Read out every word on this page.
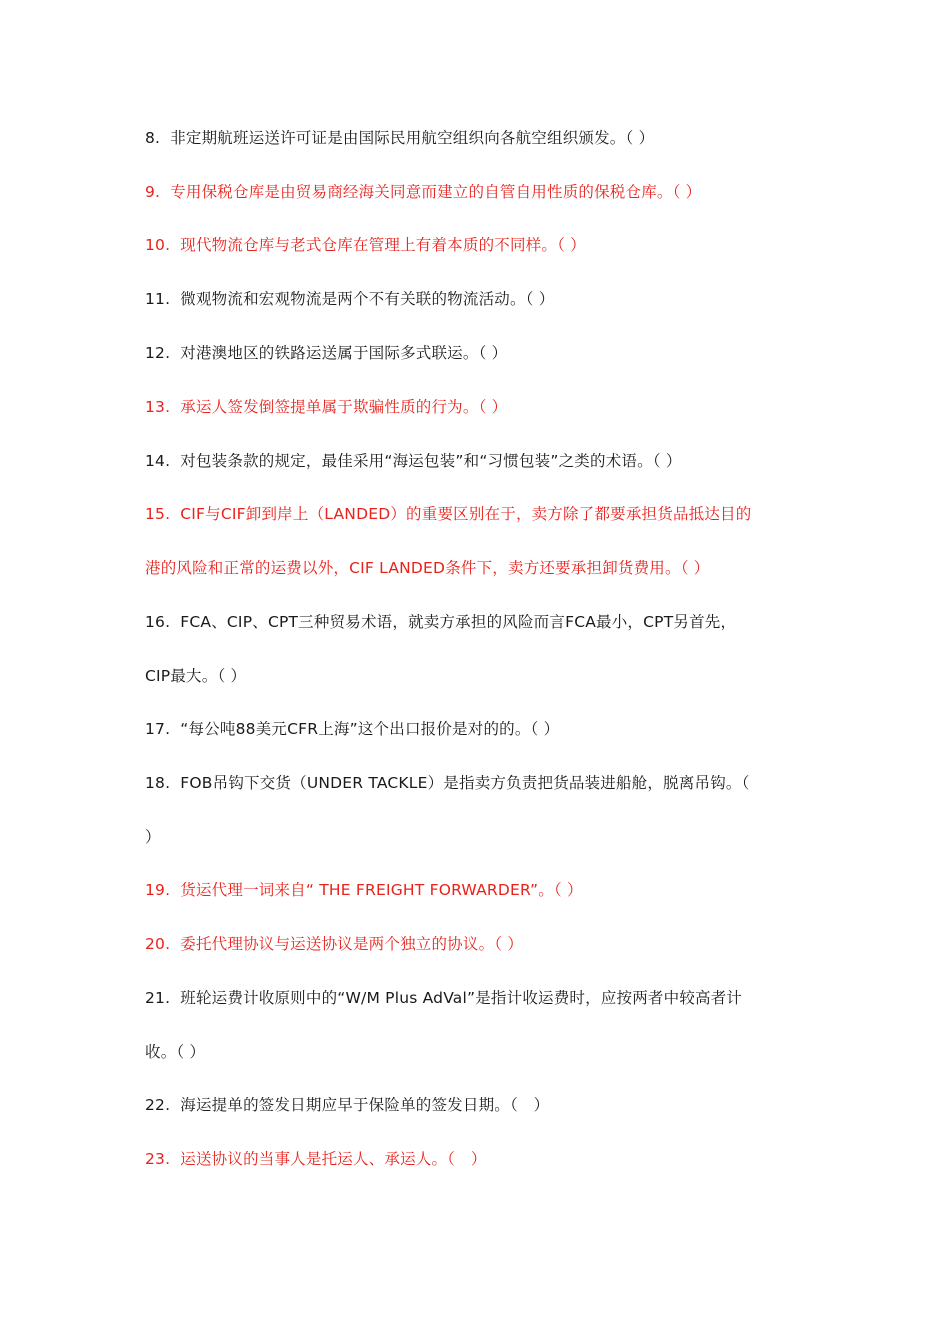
8. 非定期航班运送许可证是由国际民用航空组织向各航空组织颁发。（ ）
9. 专用保税仓库是由贸易商经海关同意而建立的自管自用性质的保税仓库。（ ）
10. 现代物流仓库与老式仓库在管理上有着本质的不同样。（ ）
11. 微观物流和宏观物流是两个不有关联的物流活动。（ ）
12. 对港澳地区的铁路运送属于国际多式联运。（ ）
13. 承运人签发倒签提单属于欺骗性质的行为。（ ）
14. 对包装条款的规定，最佳采用“海运包装”和“习惯包装”之类的术语。（ ）
15. CIF与CIF卸到岸上（LANDED）的重要区别在于，卖方除了都要承担货品抵达目的
港的风险和正常的运费以外，CIF LANDED条件下，卖方还要承担卸货费用。（ ）
16. FCA、CIP、CPT三种贸易术语，就卖方承担的风险而言FCA最小，CPT另首先，
CIP最大。（ ）
17. “每公吨88美元CFR上海”这个出口报价是对的的。（ ）
18. FOB吊钩下交货（UNDER TACKLE）是指卖方负责把货品装进船舱，脱离吊钩。（
）
19. 货运代理一词来自“ THE FREIGHT FORWARDER”。（ ）
20. 委托代理协议与运送协议是两个独立的协议。（ ）
21. 班轮运费计收原则中的“W/M Plus AdVal”是指计收运费时，应按两者中较高者计
收。（ ）
22. 海运提单的签发日期应早于保险单的签发日期。（　）
23. 运送协议的当事人是托运人、承运人。（　）
